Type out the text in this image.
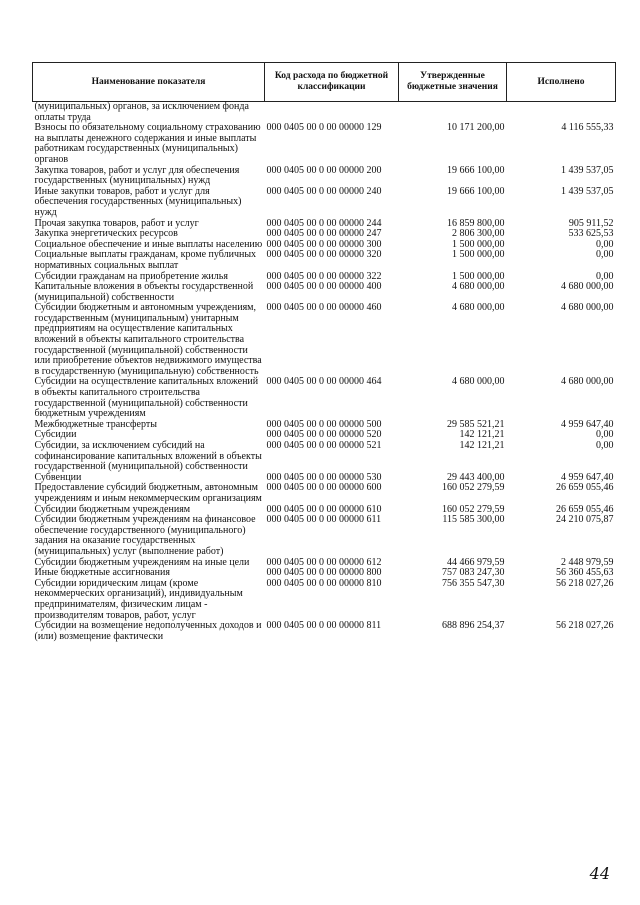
Наименование показателя	Код расхода по бюджетной классификации	Утвержденные бюджетные значения	Исполнено
(муниципальных) органов, за исключением фонда оплаты труда			
Взносы по обязательному социальному страхованию на выплаты денежного содержания и иные выплаты работникам государственных (муниципальных) органов	000 0405 00 0 00 00000 129	10 171 200,00	4 116 555,33
Закупка товаров, работ и услуг для обеспечения государственных (муниципальных) нужд	000 0405 00 0 00 00000 200	19 666 100,00	1 439 537,05
Иные закупки товаров, работ и услуг для обеспечения государственных (муниципальных) нужд	000 0405 00 0 00 00000 240	19 666 100,00	1 439 537,05
Прочая закупка товаров, работ и услуг	000 0405 00 0 00 00000 244	16 859 800,00	905 911,52
Закупка энергетических ресурсов	000 0405 00 0 00 00000 247	2 806 300,00	533 625,53
Социальное обеспечение и иные выплаты населению	000 0405 00 0 00 00000 300	1 500 000,00	0,00
Социальные выплаты гражданам, кроме публичных нормативных социальных выплат	000 0405 00 0 00 00000 320	1 500 000,00	0,00
Субсидии гражданам на приобретение жилья	000 0405 00 0 00 00000 322	1 500 000,00	0,00
Капитальные вложения в объекты государственной (муниципальной) собственности	000 0405 00 0 00 00000 400	4 680 000,00	4 680 000,00
Субсидии бюджетным и автономным учреждениям, государственным (муниципальным) унитарным предприятиям на осуществление капитальных вложений в объекты капитального строительства государственной (муниципальной) собственности или приобретение объектов недвижимого имущества в государственную (муниципальную) собственность	000 0405 00 0 00 00000 460	4 680 000,00	4 680 000,00
Субсидии на осуществление капитальных вложений в объекты капитального строительства государственной (муниципальной) собственности бюджетным учреждениям	000 0405 00 0 00 00000 464	4 680 000,00	4 680 000,00
Межбюджетные трансферты	000 0405 00 0 00 00000 500	29 585 521,21	4 959 647,40
Субсидии	000 0405 00 0 00 00000 520	142 121,21	0,00
Субсидии, за исключением субсидий на софинансирование капитальных вложений в объекты государственной (муниципальной) собственности	000 0405 00 0 00 00000 521	142 121,21	0,00
Субвенции	000 0405 00 0 00 00000 530	29 443 400,00	4 959 647,40
Предоставление субсидий бюджетным, автономным учреждениям и иным некоммерческим организациям	000 0405 00 0 00 00000 600	160 052 279,59	26 659 055,46
Субсидии бюджетным учреждениям	000 0405 00 0 00 00000 610	160 052 279,59	26 659 055,46
Субсидии бюджетным учреждениям на финансовое обеспечение государственного (муниципального) задания на оказание государственных (муниципальных) услуг (выполнение работ)	000 0405 00 0 00 00000 611	115 585 300,00	24 210 075,87
Субсидии бюджетным учреждениям на иные цели	000 0405 00 0 00 00000 612	44 466 979,59	2 448 979,59
Иные бюджетные ассигнования	000 0405 00 0 00 00000 800	757 083 247,30	56 360 455,63
Субсидии юридическим лицам (кроме некоммерческих организаций), индивидуальным предпринимателям, физическим лицам - производителям товаров, работ, услуг	000 0405 00 0 00 00000 810	756 355 547,30	56 218 027,26
Субсидии на возмещение недополученных доходов и (или) возмещение фактически	000 0405 00 0 00 00000 811	688 896 254,37	56 218 027,26
44
